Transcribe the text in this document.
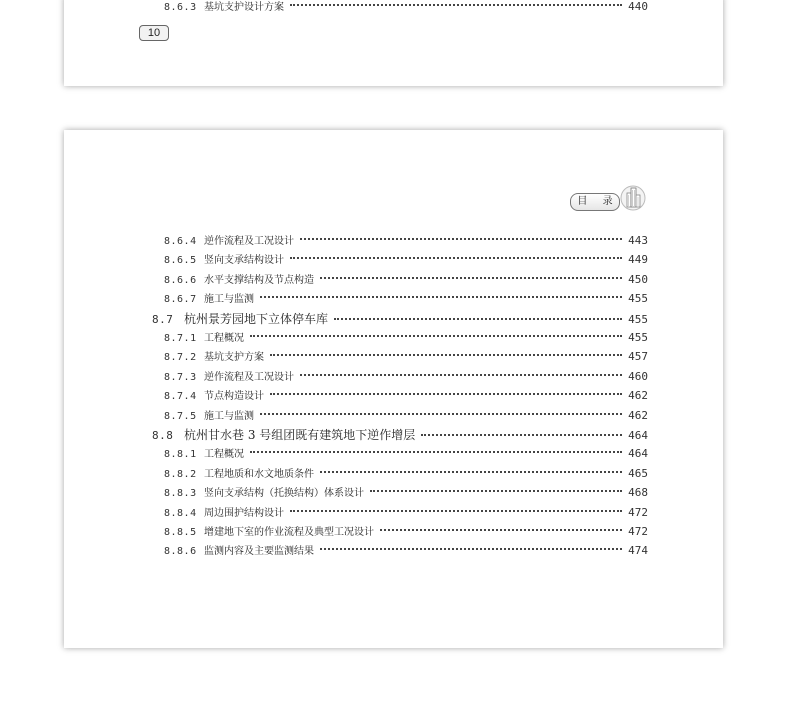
8.6.3 基坑支护设计方案	440
10
目 录
8.6.4 逆作流程及工况设计	443
8.6.5 竖向支承结构设计	449
8.6.6 水平支撑结构及节点构造	450
8.6.7 施工与监测	455
8.7 杭州景芳园地下立体停车库	455
8.7.1 工程概况	455
8.7.2 基坑支护方案	457
8.7.3 逆作流程及工况设计	460
8.7.4 节点构造设计	462
8.7.5 施工与监测	462
8.8 杭州甘水巷 3 号组团既有建筑地下逆作增层	464
8.8.1 工程概况	464
8.8.2 工程地质和水文地质条件	465
8.8.3 竖向支承结构（托换结构）体系设计	468
8.8.4 周边围护结构设计	472
8.8.5 增建地下室的作业流程及典型工况设计	472
8.8.6 监测内容及主要监测结果	474
